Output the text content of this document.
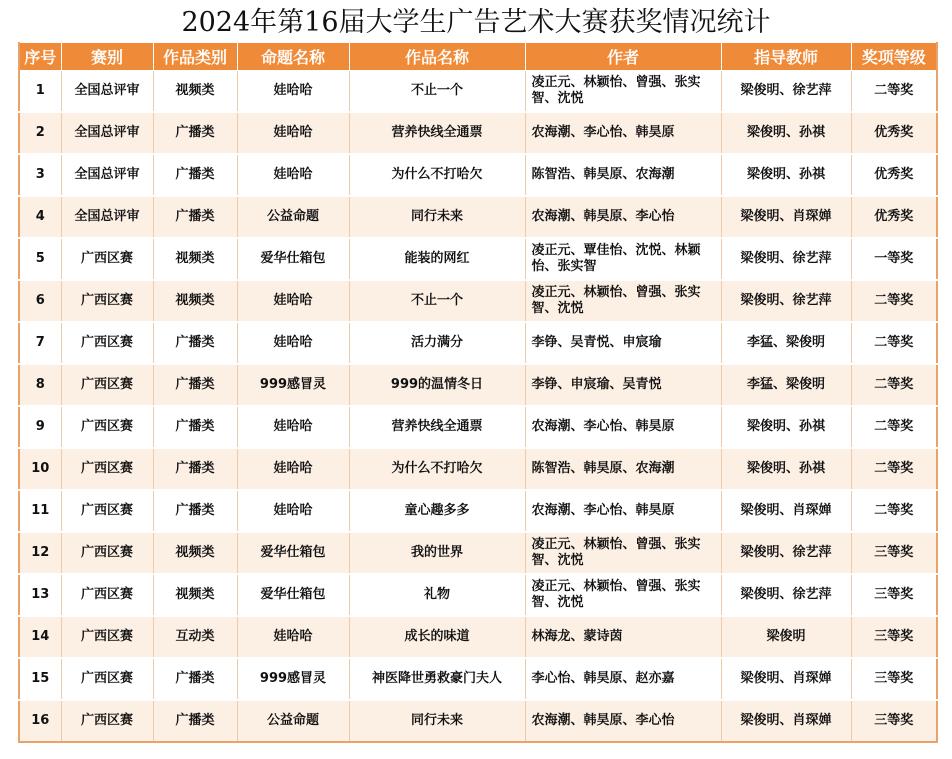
2024年第16届大学生广告艺术大赛获奖情况统计
序号	赛别	作品类别	命题名称	作品名称	作者	指导教师	奖项等级
1	全国总评审	视频类	娃哈哈	不止一个	凌正元、林颖怡、曾强、张实智、沈悦	梁俊明、徐艺萍	二等奖
2	全国总评审	广播类	娃哈哈	营养快线全通票	农海潮、李心怡、韩昊原	梁俊明、孙祺	优秀奖
3	全国总评审	广播类	娃哈哈	为什么不打哈欠	陈智浩、韩昊原、农海潮	梁俊明、孙祺	优秀奖
4	全国总评审	广播类	公益命题	同行未来	农海潮、韩昊原、李心怡	梁俊明、肖琛婵	优秀奖
5	广西区赛	视频类	爱华仕箱包	能装的网红	凌正元、覃佳怡、沈悦、林颖怡、张实智	梁俊明、徐艺萍	一等奖
6	广西区赛	视频类	娃哈哈	不止一个	凌正元、林颖怡、曾强、张实智、沈悦	梁俊明、徐艺萍	二等奖
7	广西区赛	广播类	娃哈哈	活力满分	李铮、吴青悦、申宸瑜	李猛、梁俊明	二等奖
8	广西区赛	广播类	999感冒灵	999的温情冬日	李铮、申宸瑜、吴青悦	李猛、梁俊明	二等奖
9	广西区赛	广播类	娃哈哈	营养快线全通票	农海潮、李心怡、韩昊原	梁俊明、孙祺	二等奖
10	广西区赛	广播类	娃哈哈	为什么不打哈欠	陈智浩、韩昊原、农海潮	梁俊明、孙祺	二等奖
11	广西区赛	广播类	娃哈哈	童心趣多多	农海潮、李心怡、韩昊原	梁俊明、肖琛婵	二等奖
12	广西区赛	视频类	爱华仕箱包	我的世界	凌正元、林颖怡、曾强、张实智、沈悦	梁俊明、徐艺萍	三等奖
13	广西区赛	视频类	爱华仕箱包	礼物	凌正元、林颖怡、曾强、张实智、沈悦	梁俊明、徐艺萍	三等奖
14	广西区赛	互动类	娃哈哈	成长的味道	林海龙、蒙诗茵	梁俊明	三等奖
15	广西区赛	广播类	999感冒灵	神医降世勇救豪门夫人	李心怡、韩昊原、赵亦嘉	梁俊明、肖琛婵	三等奖
16	广西区赛	广播类	公益命题	同行未来	农海潮、韩昊原、李心怡	梁俊明、肖琛婵	三等奖
